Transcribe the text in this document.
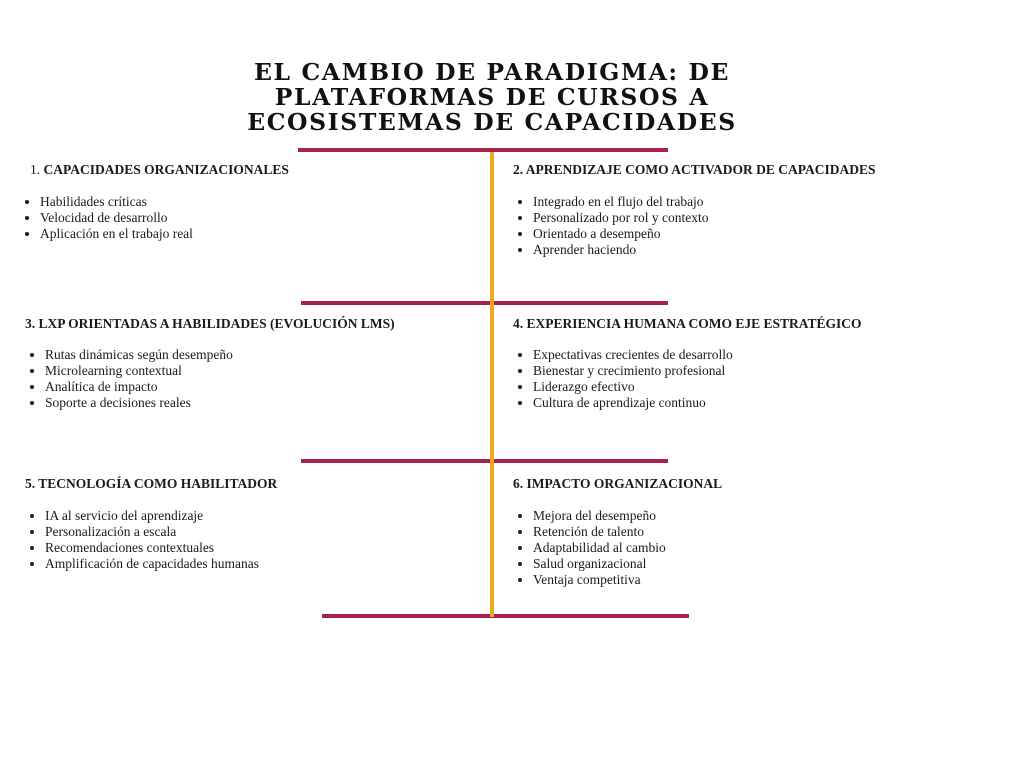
EL CAMBIO DE PARADIGMA: DE
PLATAFORMAS DE CURSOS A
ECOSISTEMAS DE CAPACIDADES
1. CAPACIDADES ORGANIZACIONALES
Habilidades críticas
Velocidad de desarrollo
Aplicación en el trabajo real
2. APRENDIZAJE COMO ACTIVADOR DE CAPACIDADES
Integrado en el flujo del trabajo
Personalizado por rol y contexto
Orientado a desempeño
Aprender haciendo
3. LXP ORIENTADAS A HABILIDADES (EVOLUCIÓN LMS)
Rutas dinámicas según desempeño
Microlearning contextual
Analítica de impacto
Soporte a decisiones reales
4. EXPERIENCIA HUMANA COMO EJE ESTRATÉGICO
Expectativas crecientes de desarrollo
Bienestar y crecimiento profesional
Liderazgo efectivo
Cultura de aprendizaje continuo
5. TECNOLOGÍA COMO HABILITADOR
IA al servicio del aprendizaje
Personalización a escala
Recomendaciones contextuales
Amplificación de capacidades humanas
6. IMPACTO ORGANIZACIONAL
Mejora del desempeño
Retención de talento
Adaptabilidad al cambio
Salud organizacional
Ventaja competitiva
